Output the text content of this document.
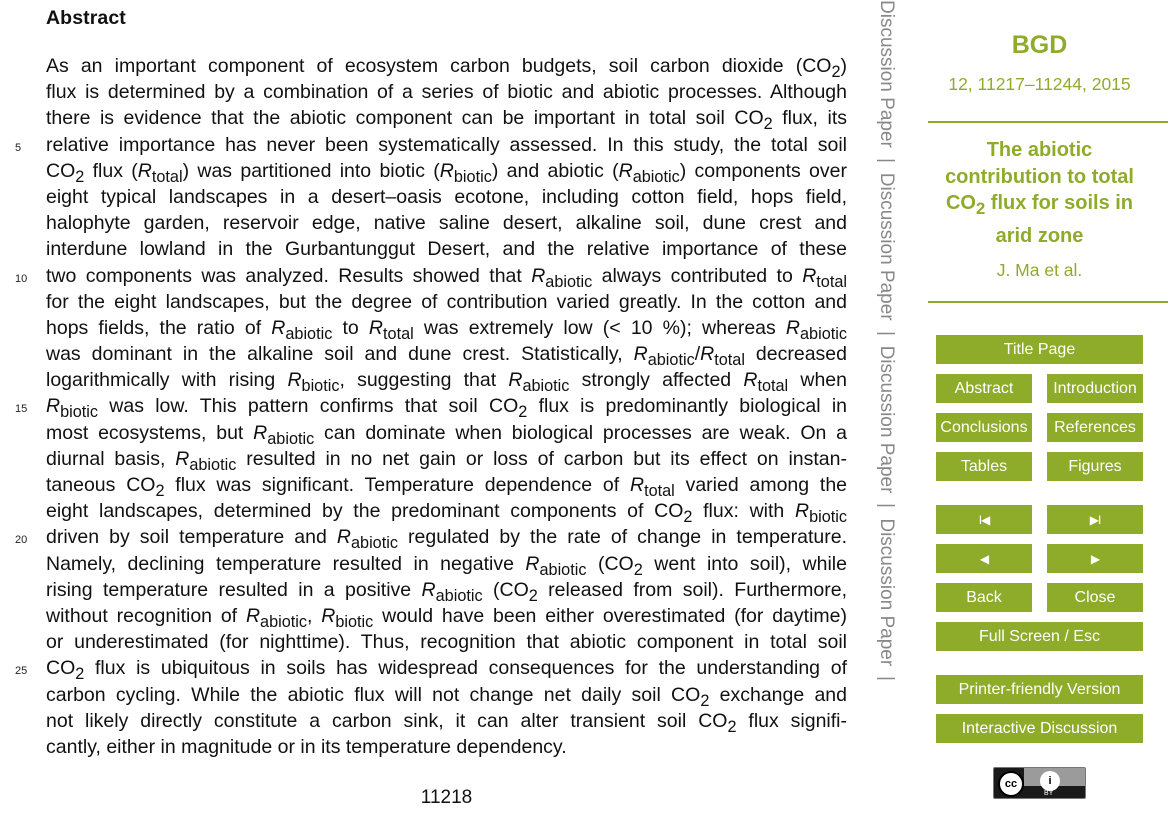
Abstract
As an important component of ecosystem carbon budgets, soil carbon dioxide $(CO_2)$
flux is determined by a combination of a series of biotic and abiotic processes. Although
there is evidence that the abiotic component can be important in total soil $CO_2$ flux, its
5	relative importance has never been systematically assessed. In this study, the total soil
$CO_2$ flux $(R_{total})$ was partitioned into biotic $(R_{biotic})$ and abiotic $(R_{abiotic})$ components over
eight typical landscapes in a desert–oasis ecotone, including cotton field, hops field,
halophyte garden, reservoir edge, native saline desert, alkaline soil, dune crest and
interdune lowland in the Gurbantunggut Desert, and the relative importance of these
10 two components was analyzed. Results showed that $R_{abiotic}$ always contributed to $R_{total}$
for the eight landscapes, but the degree of contribution varied greatly. In the cotton and
hops fields, the ratio of $R_{abiotic}$ to $R_{total}$ was extremely low (< 10 %); whereas $R_{abiotic}$
was dominant in the alkaline soil and dune crest. Statistically, $R_{abiotic}/R_{total}$ decreased
logarithmically with rising $R_{biotic}$, suggesting that $R_{abiotic}$ strongly affected $R_{total}$ when
15 $R_{biotic}$ was low. This pattern confirms that soil $CO_2$ flux is predominantly biological in
most ecosystems, but $R_{abiotic}$ can dominate when biological processes are weak. On a
diurnal basis, $R_{abiotic}$ resulted in no net gain or loss of carbon but its effect on instan-
taneous $CO_2$ flux was significant. Temperature dependence of $R_{total}$ varied among the
eight landscapes, determined by the predominant components of $CO_2$ flux: with $R_{biotic}$
20 driven by soil temperature and $R_{abiotic}$ regulated by the rate of change in temperature.
Namely, declining temperature resulted in negative $R_{abiotic}$ ($CO_2$ went into soil), while
rising temperature resulted in a positive $R_{abiotic}$ ($CO_2$ released from soil). Furthermore,
without recognition of $R_{abiotic}$, $R_{biotic}$ would have been either overestimated (for daytime)
or underestimated (for nighttime). Thus, recognition that abiotic component in total soil
25 $CO_2$ flux is ubiquitous in soils has widespread consequences for the understanding of
carbon cycling. While the abiotic flux will not change net daily soil $CO_2$ exchange and
not likely directly constitute a carbon sink, it can alter transient soil $CO_2$ flux signifi-
cantly, either in magnitude or in its temperature dependency.
11218
Discussion Paper|Discussion Paper|Discussion Paper|Discussion Paper|
BGD
12, 11217–11244, 2015
The abiotic contribution to total $CO_2$ flux for soils in arid zone
J. Ma et al.
Title Page
Abstract Introduction
Conclusions References
Tables	Figures
I◀	▶I
◀	▶
Back	Close
Full Screen / Esc
Printer-friendly Version
Interactive Discussion
cc	i
BY
